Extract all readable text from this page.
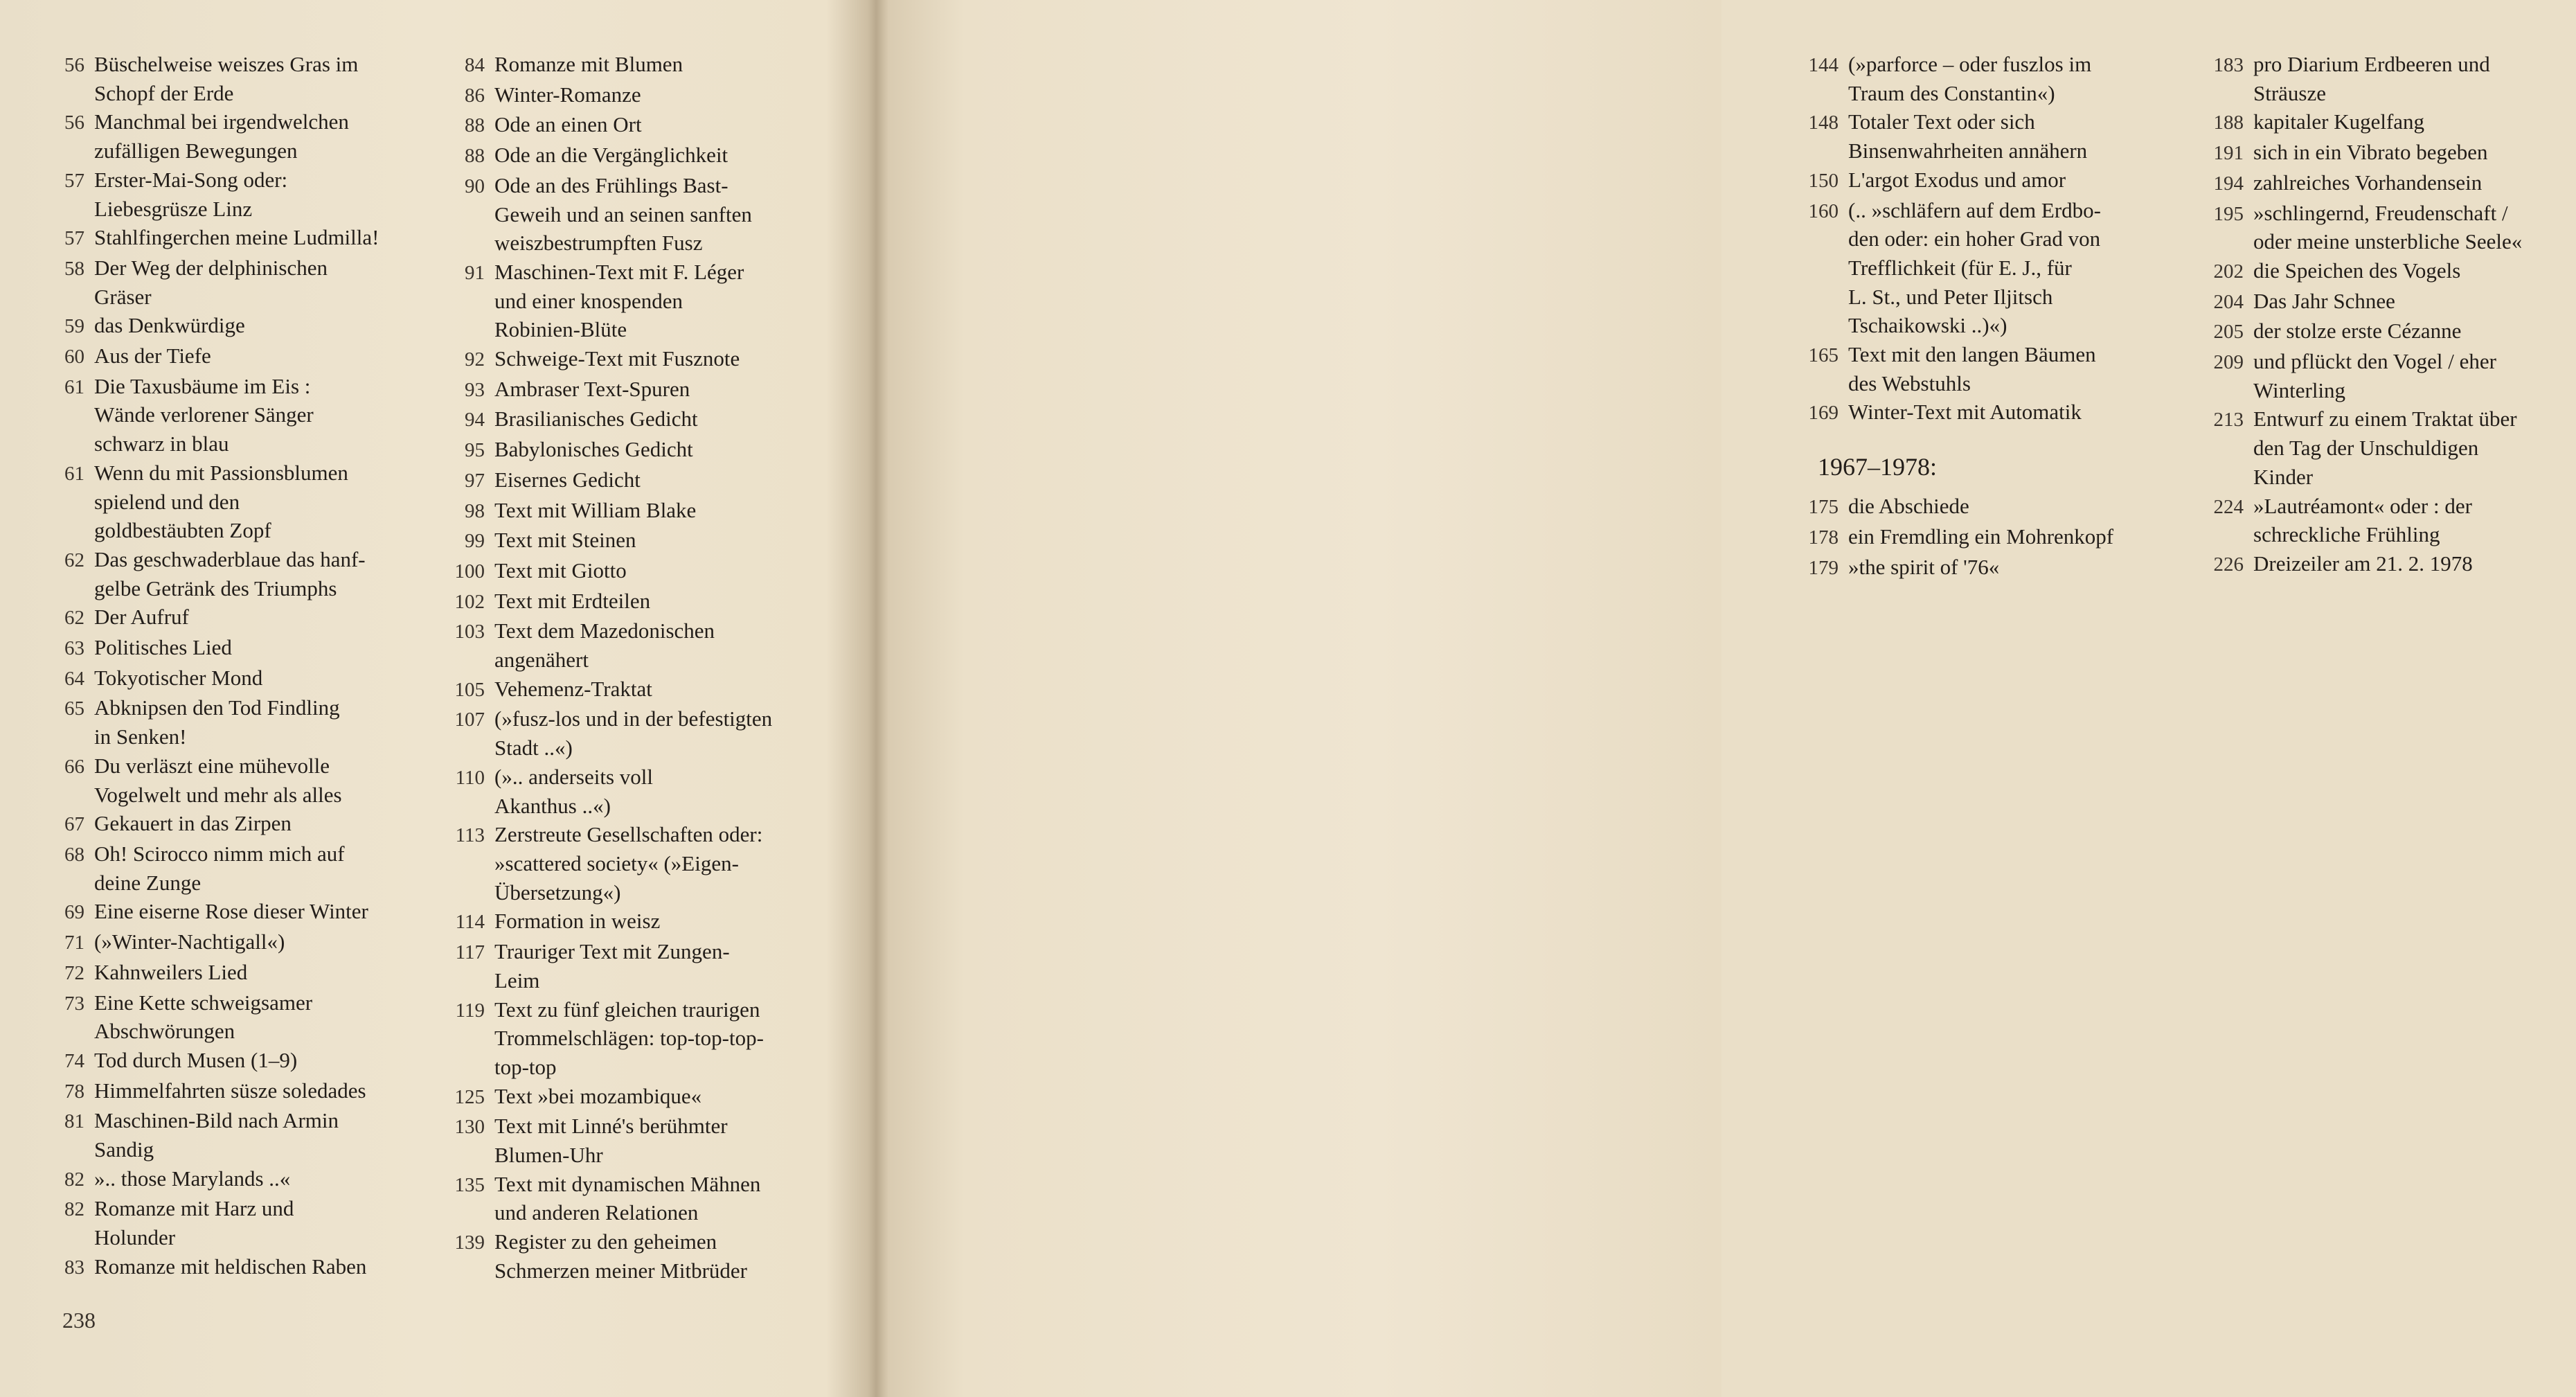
56 Büschelweise weiszes Gras im
Schopf der Erde
56 Manchmal bei irgendwelchen
zufälligen Bewegungen
57 Erster-Mai-Song oder:
Liebesgrüsze Linz
57 Stahlfingerchen meine Ludmilla!
58 Der Weg der delphinischen
Gräser
59 das Denkwürdige
60 Aus der Tiefe
61 Die Taxusbäume im Eis :
Wände verlorener Sänger
schwarz in blau
61 Wenn du mit Passionsblumen
spielend und den
goldbestäubten Zopf
62 Das geschwaderblaue das hanf-
gelbe Getränk des Triumphs
62 Der Aufruf
63 Politisches Lied
64 Tokyotischer Mond
65 Abknipsen den Tod Findling
in Senken!
66 Du verläszt eine mühevolle
Vogelwelt und mehr als alles
67 Gekauert in das Zirpen
68 Oh! Scirocco nimm mich auf
deine Zunge
69 Eine eiserne Rose dieser Winter
71 (»Winter-Nachtigall«)
72 Kahnweilers Lied
73 Eine Kette schweigsamer
Abschwörungen
74 Tod durch Musen (1–9)
78 Himmelfahrten süsze soledades
81 Maschinen-Bild nach Armin
Sandig
82 ».. those Marylands ..«
82 Romanze mit Harz und
Holunder
83 Romanze mit heldischen Raben
84 Romanze mit Blumen
86 Winter-Romanze
88 Ode an einen Ort
88 Ode an die Vergänglichkeit
90 Ode an des Frühlings Bast-
Geweih und an seinen sanften
weiszbestrumpften Fusz
91 Maschinen-Text mit F. Léger
und einer knospenden
Robinien-Blüte
92 Schweige-Text mit Fusznote
93 Ambraser Text-Spuren
94 Brasilianisches Gedicht
95 Babylonisches Gedicht
97 Eisernes Gedicht
98 Text mit William Blake
99 Text mit Steinen
100 Text mit Giotto
102 Text mit Erdteilen
103 Text dem Mazedonischen
angenähert
105 Vehemenz-Traktat
107 (»fusz-los und in der befestigten
Stadt ..«)
110 (».. anderseits voll
Akanthus ..«)
113 Zerstreute Gesellschaften oder:
»scattered society« (»Eigen-
Übersetzung«)
114 Formation in weisz
117 Trauriger Text mit Zungen-
Leim
119 Text zu fünf gleichen traurigen
Trommelschlägen: top-top-top-
top-top
125 Text »bei mozambique«
130 Text mit Linné's berühmter
Blumen-Uhr
135 Text mit dynamischen Mähnen
und anderen Relationen
139 Register zu den geheimen
Schmerzen meiner Mitbrüder
238
144 (»parforce – oder fuszlos im
Traum des Constantin«)
148 Totaler Text oder sich
Binsenwahrheiten annähern
150 L'argot Exodus und amor
160 (.. »schläfern auf dem Erdbo-
den oder: ein hoher Grad von
Trefflichkeit (für E. J., für
L. St., und Peter Iljitsch
Tschaikowski ..)«)
165 Text mit den langen Bäumen
des Webstuhls
169 Winter-Text mit Automatik
1967–1978:
175 die Abschiede
178 ein Fremdling ein Mohrenkopf
179 »the spirit of '76«
183 pro Diarium Erdbeeren und
Sträusze
188 kapitaler Kugelfang
191 sich in ein Vibrato begeben
194 zahlreiches Vorhandensein
195 »schlingernd, Freudenschaft /
oder meine unsterbliche Seele«
202 die Speichen des Vogels
204 Das Jahr Schnee
205 der stolze erste Cézanne
209 und pflückt den Vogel / eher
Winterling
213 Entwurf zu einem Traktat über
den Tag der Unschuldigen
Kinder
224 »Lautréamont« oder : der
schreckliche Frühling
226 Dreizeiler am 21. 2. 1978
